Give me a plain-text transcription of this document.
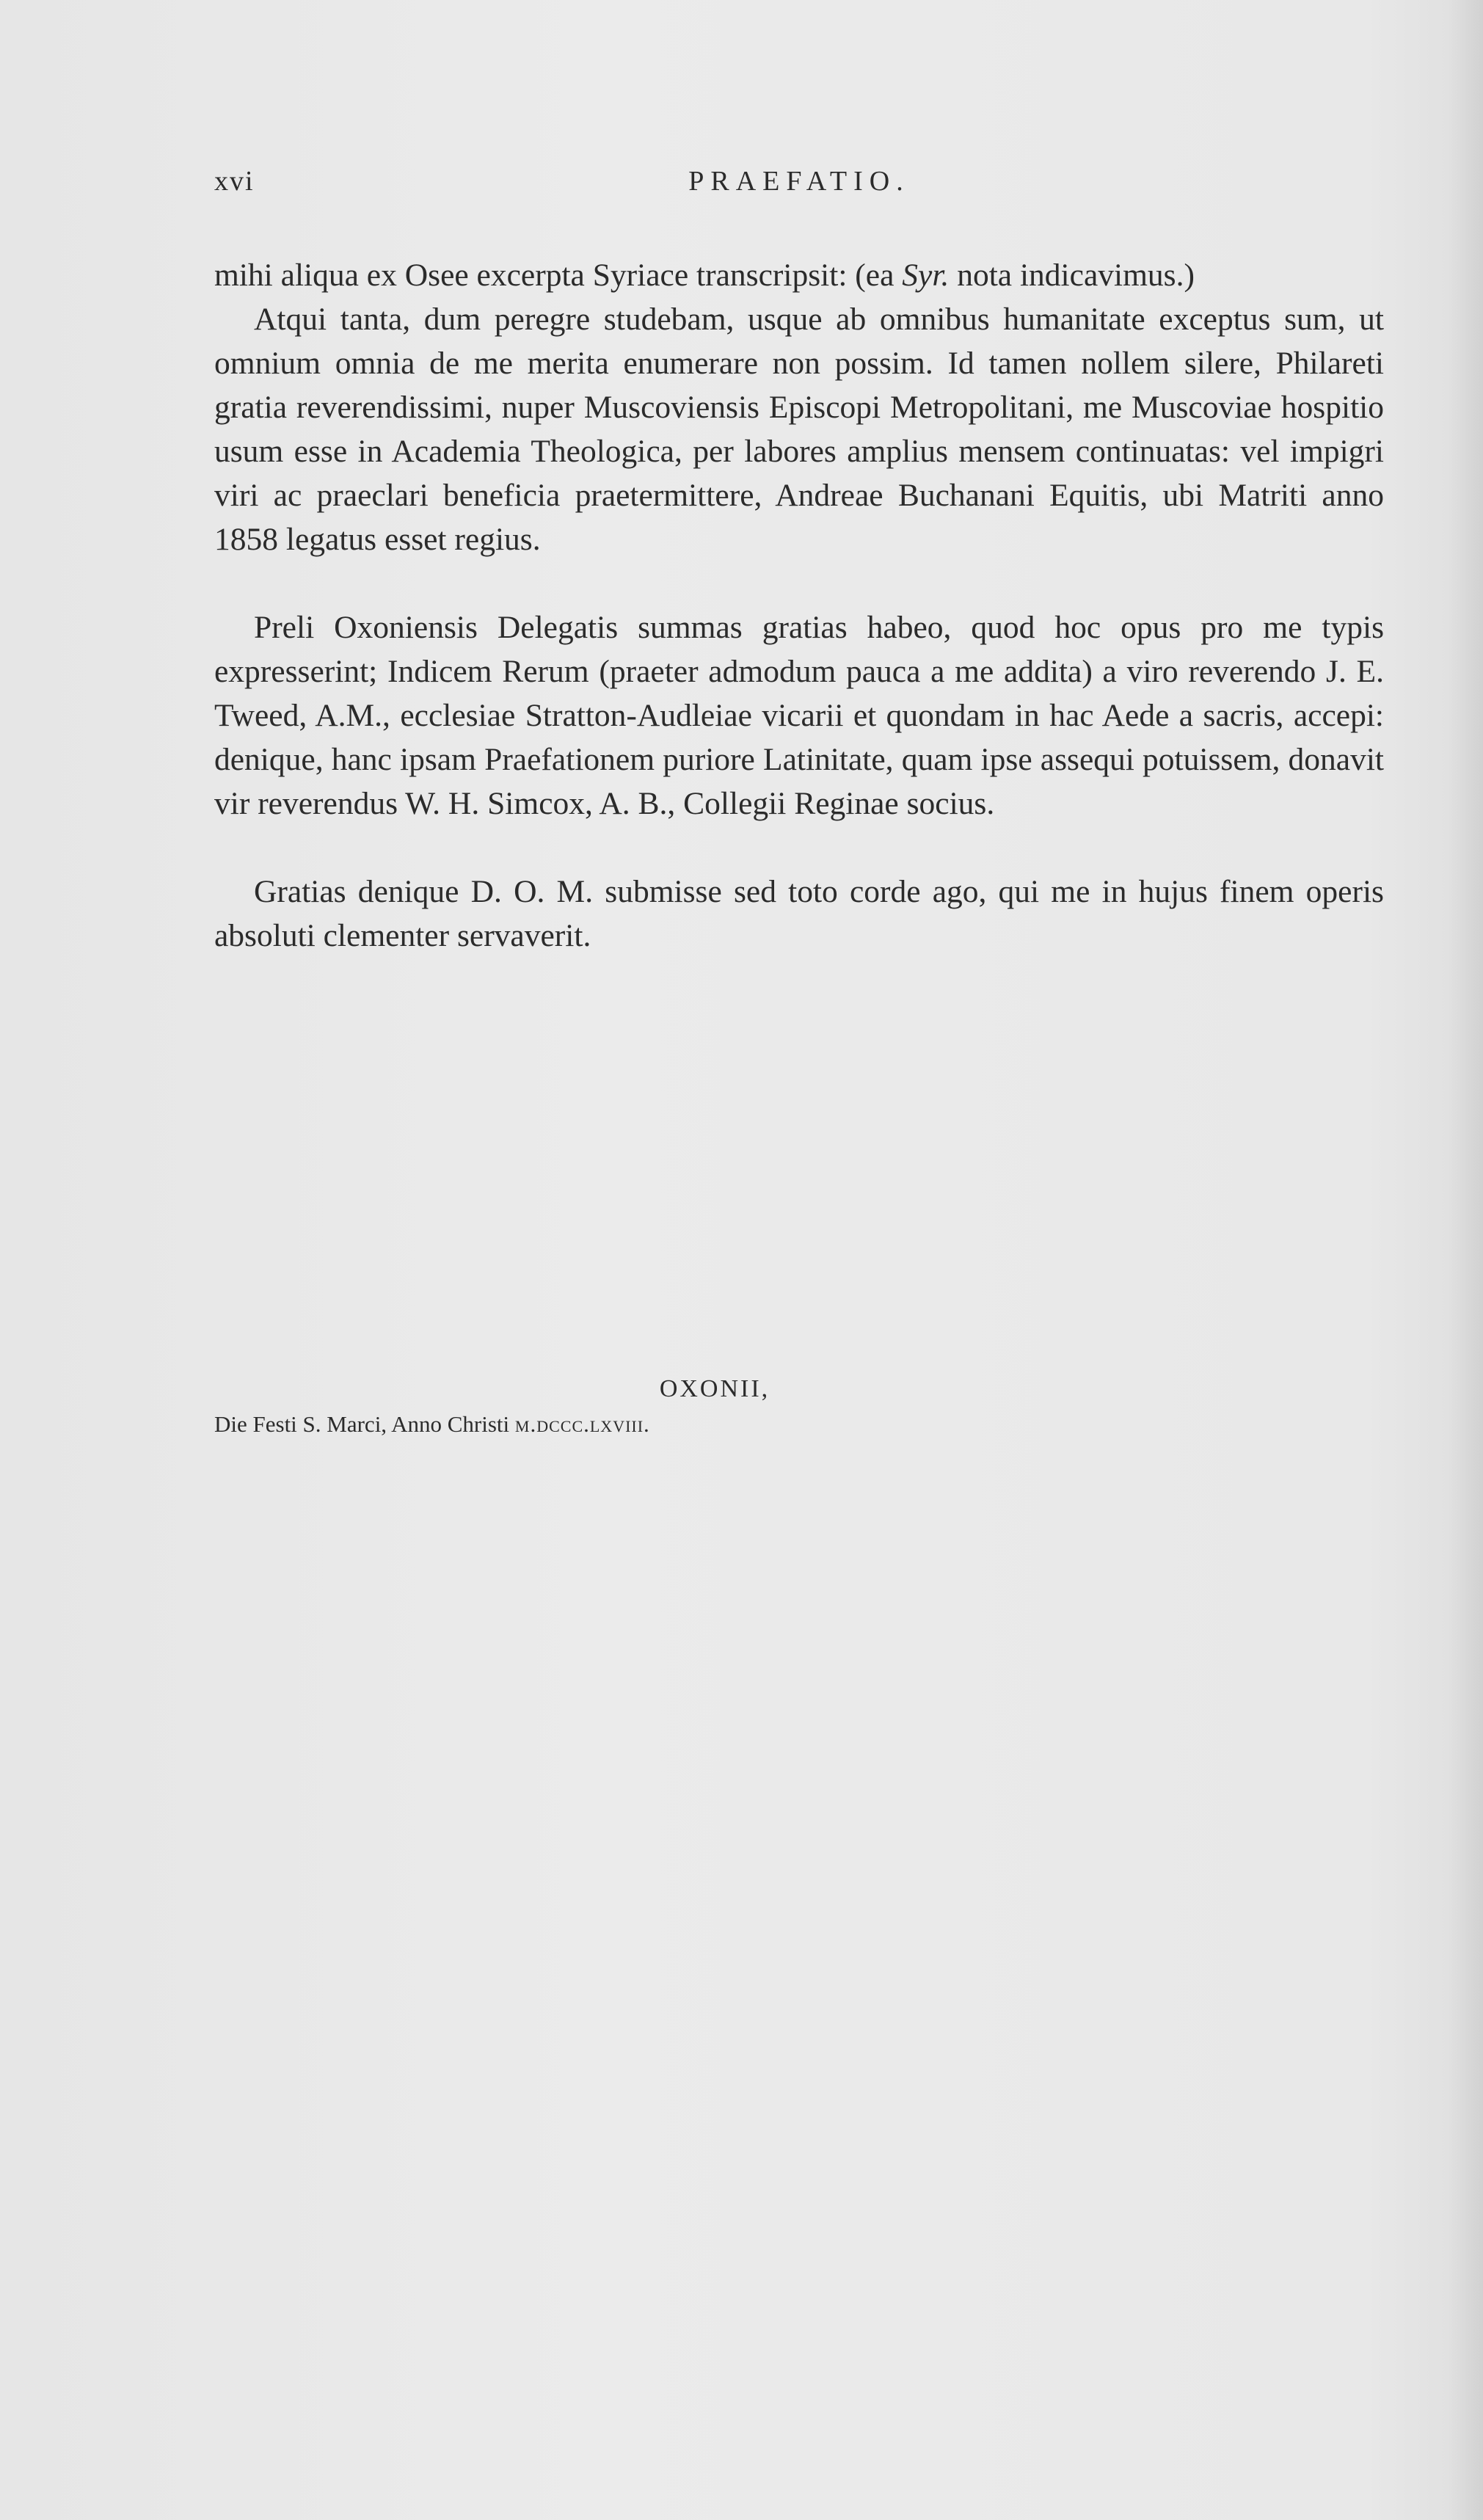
xvi	PRAEFATIO.

mihi aliqua ex Osee excerpta Syriace transcripsit: (ea Syr. nota indicavimus.)

Atqui tanta, dum peregre studebam, usque ab omnibus humanitate exceptus sum, ut omnium omnia de me merita enumerare non possim. Id tamen nollem silere, Philareti gratia reverendissimi, nuper Muscoviensis Episcopi Metropolitani, me Muscoviae hospitio usum esse in Academia Theologica, per labores amplius mensem continuatas: vel impigri viri ac praeclari beneficia praetermittere, Andreae Buchanani Equitis, ubi Matriti anno 1858 legatus esset regius.

Preli Oxoniensis Delegatis summas gratias habeo, quod hoc opus pro me typis expresserint; Indicem Rerum (praeter admodum pauca a me addita) a viro reverendo J. E. Tweed, A.M., ecclesiae Stratton-Audleiae vicarii et quondam in hac Aede a sacris, accepi: denique, hanc ipsam Praefationem puriore Latinitate, quam ipse assequi potuissem, donavit vir reverendus W. H. Simcox, A. B., Collegii Reginae socius.

Gratias denique D. O. M. submisse sed toto corde ago, qui me in hujus finem operis absoluti clementer servaverit.

OXONII,
Die Festi S. Marci, Anno Christi m.dccc.lxviii.
